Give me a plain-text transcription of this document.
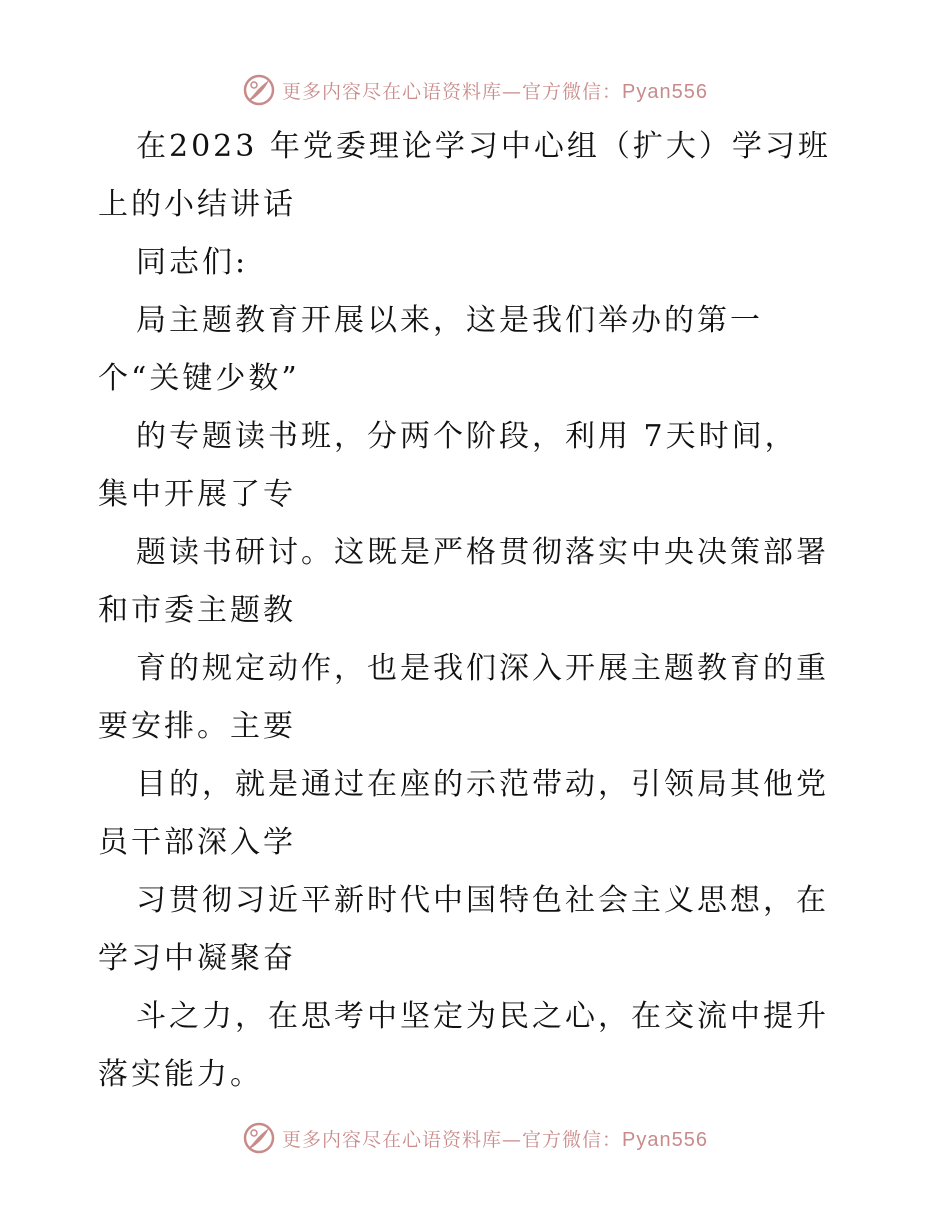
更多内容尽在心语资料库—官方微信：Pyan556
在2023 年党委理论学习中心组（扩大）学习班
上的小结讲话
同志们:
局主题教育开展以来，这是我们举办的第一
个“关键少数”
的专题读书班，分两个阶段，利用 7天时间，
集中开展了专
题读书研讨。这既是严格贯彻落实中央决策部署
和市委主题教
育的规定动作，也是我们深入开展主题教育的重
要安排。主要
目的，就是通过在座的示范带动，引领局其他党
员干部深入学
习贯彻习近平新时代中国特色社会主义思想，在
学习中凝聚奋
斗之力，在思考中坚定为民之心，在交流中提升
落实能力。
更多内容尽在心语资料库—官方微信：Pyan556
